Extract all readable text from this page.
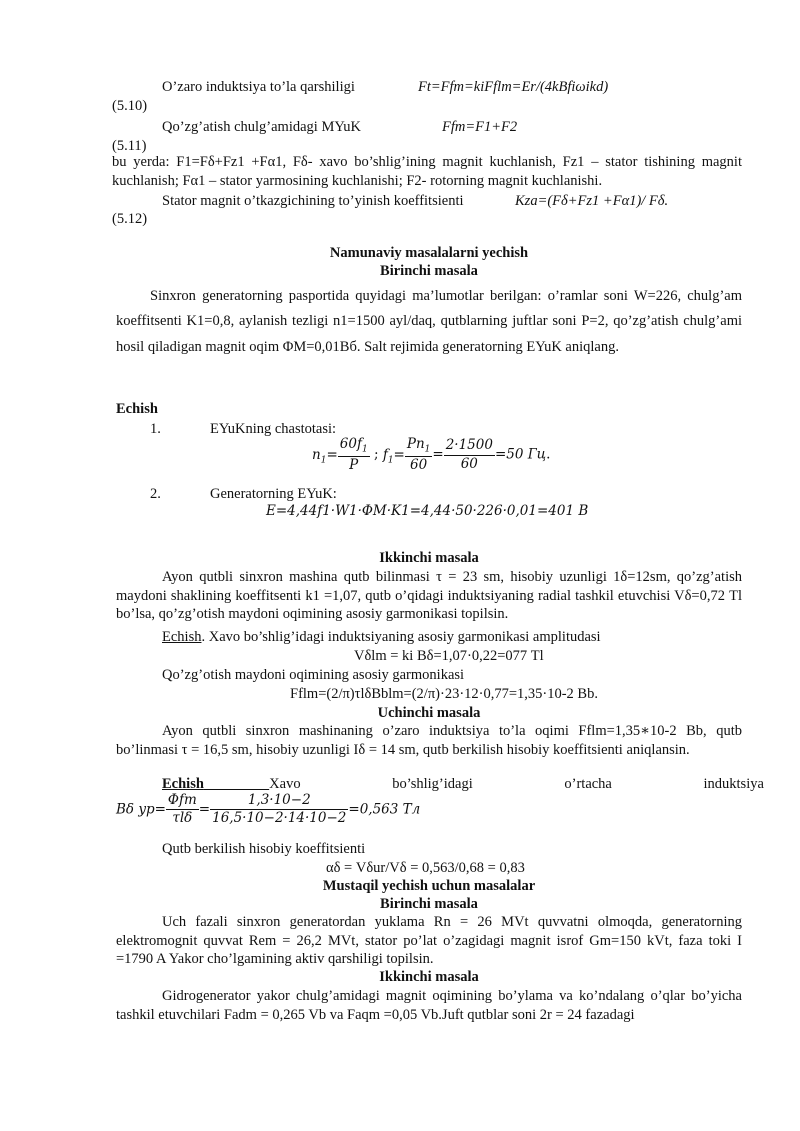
O’zaro induktsiya to’la qarshiligi	Ft=Ffm=kiFflm=Er/(4kBfiωikd)
(5.10)
Qo’zg’atish chulg’amidagi MYuK	Ffm=F1+F2
(5.11)
bu yerda: F1=Fδ+Fz1 +Fα1, Fδ- xavo bo’shlig’ining magnit kuchlanish, Fz1 – stator tishining magnit kuchlanish; Fα1 – stator yarmosining kuchlanishi; F2- rotorning magnit kuchlanishi.
Stator magnit o’tkazgichining to’yinish koeffitsienti	Kza=(Fδ+Fz1 +Fα1)/ Fδ.
(5.12)
Namunaviy masalalarni yechish
Birinchi masala
Sinxron generatorning pasportida quyidagi ma’lumotlar berilgan: o’ramlar soni W=226, chulg’am koeffitsenti K1=0,8, aylanish tezligi n1=1500 ayl/daq, qutblarning juftlar soni P=2, qo’zg’atish chulg’ami hosil qiladigan magnit oqim ΦM=0,01Вб. Salt rejimida generatorning EYuK aniqlang.
Echish
1.	EYuKning chastotasi:
$n_1= \frac{60f_1}{P}$ ; $f_1= \frac{Pn_1}{60} = \frac{2\cdot 1500}{60} =50$ Гц.
2.	Generatorning EYuK:
E=4,44f1·W1·ΦM·K1=4,44·50·226·0,01=401 В
Ikkinchi masala
Ayon qutbli sinxron mashina qutb bilinmasi τ = 23 sm, hisobiy uzunligi 1δ=12sm, qo’zg’atish maydoni shaklining koeffitsenti k1 =1,07, qutb o’qidagi induktsiyaning radial tashkil etuvchisi Vδ=0,72 Tl bo’lsa, qo’zg’otish maydoni oqimining asosiy garmonikasi topilsin.
Echish. Xavo bo’shlig’idagi induktsiyaning asosiy garmonikasi amplitudasi
Vδlm = ki Bδ=1,07·0,22=077 Tl
Qo’zg’otish maydoni oqimining asosiy garmonikasi
Fflm=(2/π)τlδBblm=(2/π)·23·12·0,77=1,35·10-2 Bb.
Uchinchi masala
Ayon qutbli sinxron mashinaning o’zaro induktsiya to’la oqimi Fflm=1,35∗10-2 Bb, qutb bo’linmasi τ = 16,5 sm, hisobiy uzunligi Iδ = 14 sm, qutb berkilish hisobiy koeffitsienti aniqlansin.
Echish	Xavo bo’shlig’idagi o’rtacha induktsiya
Bδ $yp= \frac{\text{Φfm}}{\text{τlδ}} = \frac{1,3\cdot 10-2}{16,5\cdot 10-2\cdot 14\cdot 10-2} =0,563$ Тл
Qutb berkilish hisobiy koeffitsienti
αδ = Vδur/Vδ = 0,563/0,68 = 0,83
Mustaqil yechish uchun masalalar
Birinchi masala
Uch fazali sinxron generatordan yuklama Rn = 26 MVt quvvatni olmoqda, generatorning elektromognit quvvat Rem = 26,2 MVt, stator po’lat o’zagidagi magnit isrof Gm=150 kVt, faza toki I =1790 A Yakor cho’lgamining aktiv qarshiligi topilsin.
Ikkinchi masala
Gidrogenerator yakor chulg’amidagi magnit oqimining bo’ylama va ko’ndalang o’qlar bo’yicha tashkil etuvchilari Fadm = 0,265 Vb va Faqm =0,05 Vb.Juft qutblar soni 2r = 24 fazadagi
